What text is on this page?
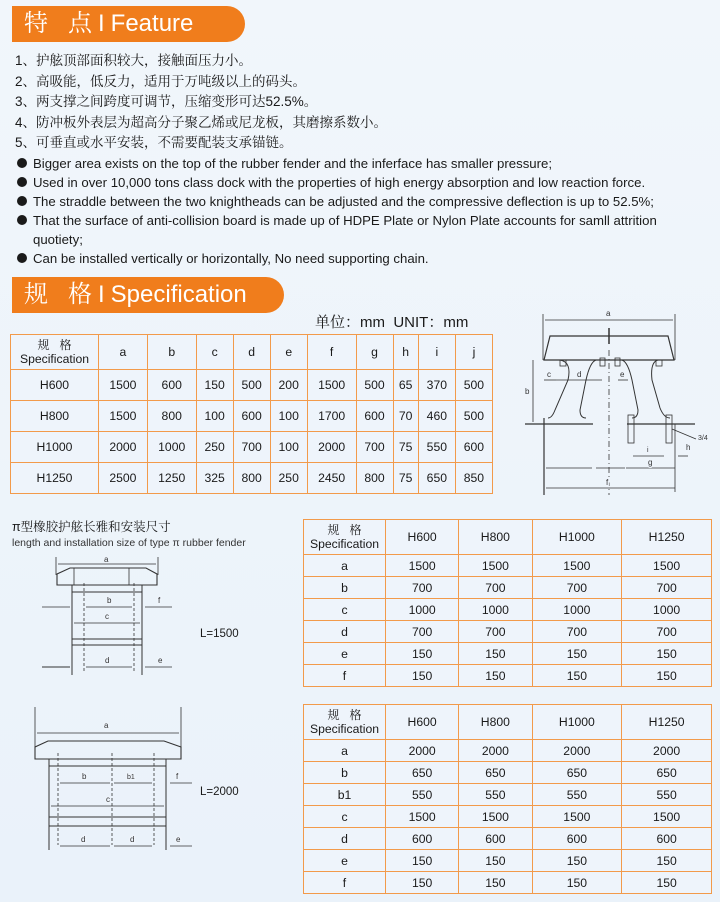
特 点 I Feature
1、护舷顶部面积较大，接触面压力小。
2、高吸能，低反力，适用于万吨级以上的码头。
3、两支撑之间跨度可调节，压缩变形可达52.5%。
4、防冲板外表层为超高分子聚乙烯或尼龙板，其磨擦系数小。
5、可垂直或水平安装，不需要配装支承锚链。
Bigger area exists on the top of the rubber fender and the inferface has smaller pressure;
Used in over 10,000 tons class dock with the properties of high energy absorption and low reaction force.
The straddle between the two knightheads can be adjusted and the compressive deflection is up to 52.5%;
That the surface of anti-collision board is made up of HDPE Plate or Nylon Plate accounts for samll attrition quotiety;
Can be installed vertically or horizontally, No need supporting chain.
规 格 I Specification
单位：mm  UNIT：mm
规格
Specification	a	b	c	d	e	f	g	h	i	j
H600	1500	600	150	500	200	1500	500	65	370	500
H800	1500	800	100	600	100	1700	600	70	460	500
H1000	2000	1000	250	700	100	2000	700	75	550	600
H1250	2500	1250	325	800	250	2450	800	75	650	850
a
b
c	d	e
3/4
i	h
g
f
π型橡胶护舷长雅和安装尺寸
length and installation size of type π rubber fender
a
b	f
c
d	e
L=1500
a
b	b1	f
c
d	d	e
L=2000
规格
Specification	H600	H800	H1000	H1250
a	1500	1500	1500	1500
b	700	700	700	700
c	1000	1000	1000	1000
d	700	700	700	700
e	150	150	150	150
f	150	150	150	150
规格
Specification	H600	H800	H1000	H1250
a	2000	2000	2000	2000
b	650	650	650	650
b1	550	550	550	550
c	1500	1500	1500	1500
d	600	600	600	600
e	150	150	150	150
f	150	150	150	150
